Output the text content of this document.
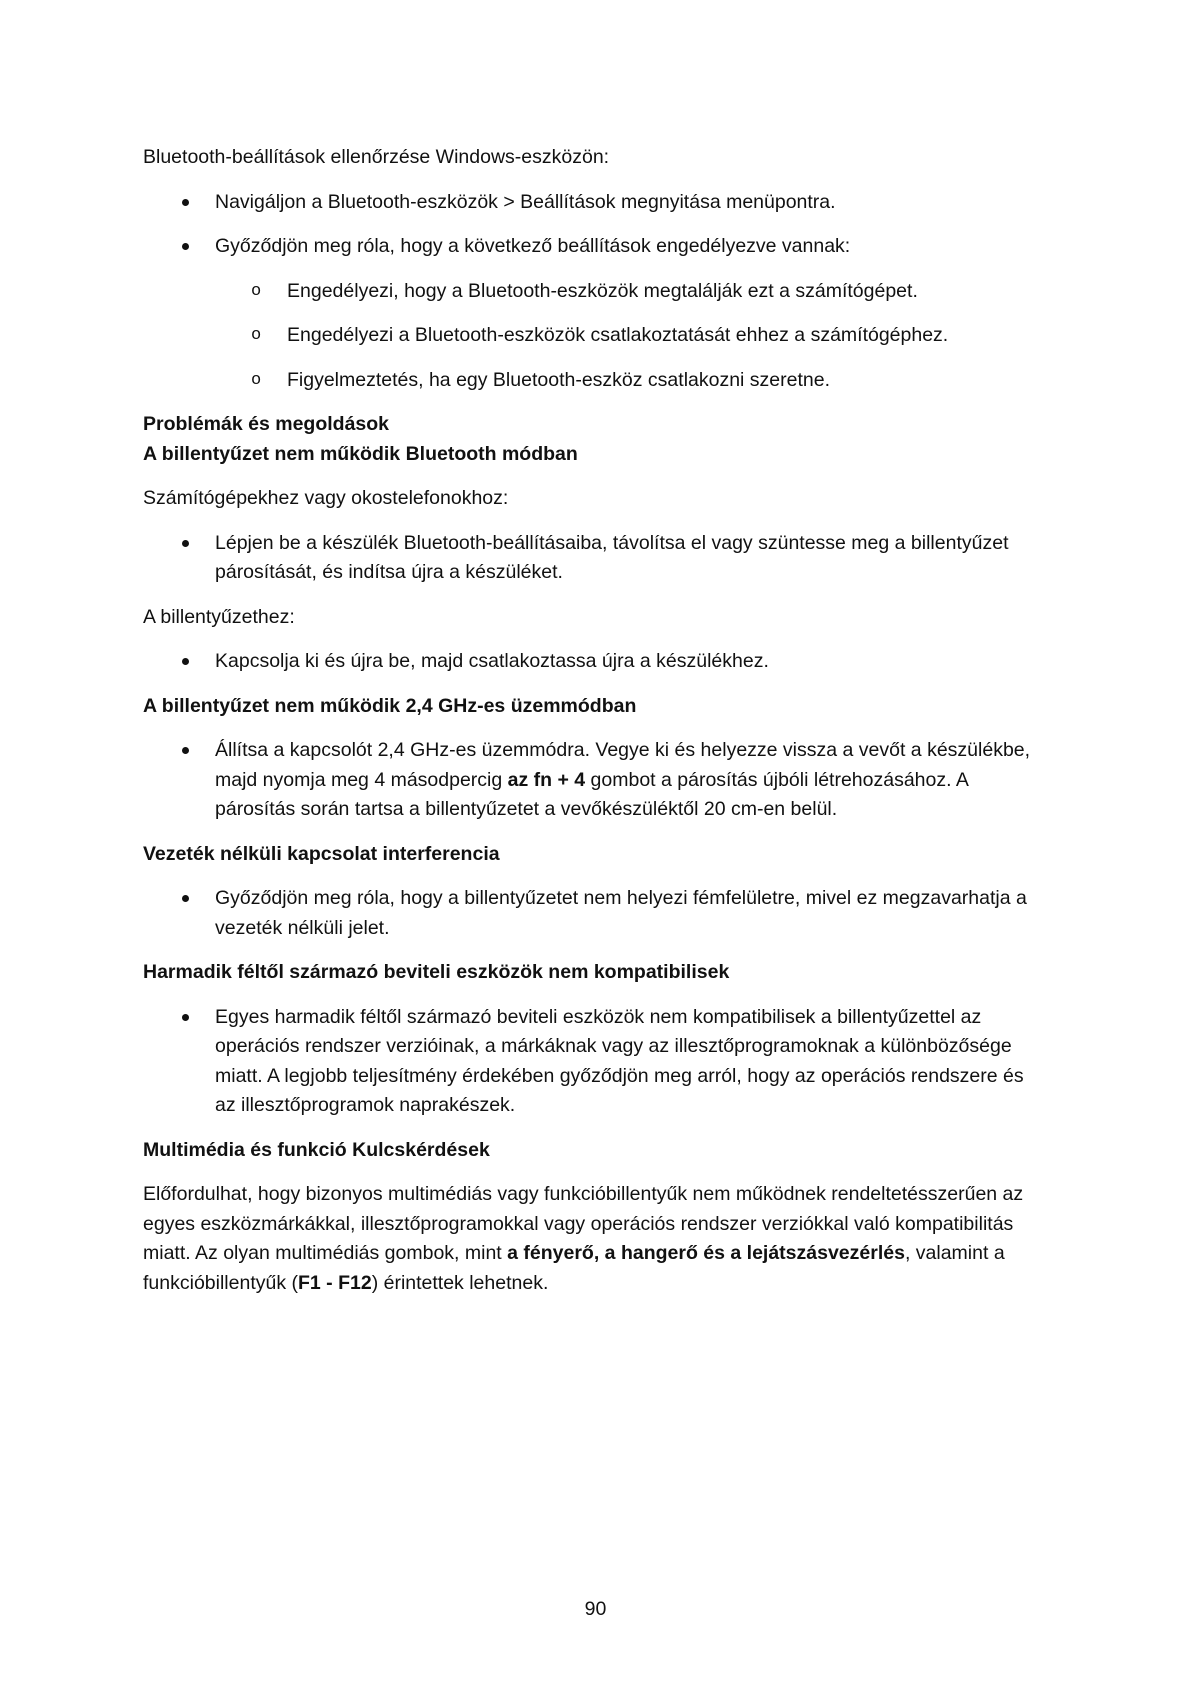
Bluetooth-beállítások ellenőrzése Windows-eszközön:

Navigáljon a Bluetooth-eszközök > Beállítások megnyitása menüpontra.
Győződjön meg róla, hogy a következő beállítások engedélyezve vannak:
o Engedélyezi, hogy a Bluetooth-eszközök megtalálják ezt a számítógépet.
o Engedélyezi a Bluetooth-eszközök csatlakoztatását ehhez a számítógéphez.
o Figyelmeztetés, ha egy Bluetooth-eszköz csatlakozni szeretne.

Problémák és megoldások

A billentyűzet nem működik Bluetooth módban

Számítógépekhez vagy okostelefonokhoz:

Lépjen be a készülék Bluetooth-beállításaiba, távolítsa el vagy szüntesse meg a billentyűzet párosítását, és indítsa újra a készüléket.

A billentyűzethez:

Kapcsolja ki és újra be, majd csatlakoztassa újra a készülékhez.

A billentyűzet nem működik 2,4 GHz-es üzemmódban

Állítsa a kapcsolót 2,4 GHz-es üzemmódra. Vegye ki és helyezze vissza a vevőt a készülékbe, majd nyomja meg 4 másodpercig az fn + 4 gombot a párosítás újbóli létrehozásához. A párosítás során tartsa a billentyűzetet a vevőkészüléktől 20 cm-en belül.

Vezeték nélküli kapcsolat interferencia

Győződjön meg róla, hogy a billentyűzetet nem helyezi fémfelületre, mivel ez megzavarhatja a vezeték nélküli jelet.

Harmadik féltől származó beviteli eszközök nem kompatibilisek

Egyes harmadik féltől származó beviteli eszközök nem kompatibilisek a billentyűzettel az operációs rendszer verzióinak, a márkáknak vagy az illesztőprogramoknak a különbözősége miatt. A legjobb teljesítmény érdekében győződjön meg arról, hogy az operációs rendszere és az illesztőprogramok naprakészek.

Multimédia és funkció Kulcskérdések

Előfordulhat, hogy bizonyos multimédiás vagy funkcióbillentyűk nem működnek rendeltetésszerűen az egyes eszközmárkákkal, illesztőprogramokkal vagy operációs rendszer verziókkal való kompatibilitás miatt. Az olyan multimédiás gombok, mint a fényerő, a hangerő és a lejátszásvezérlés, valamint a funkcióbillentyűk (F1 - F12) érintettek lehetnek.

90
